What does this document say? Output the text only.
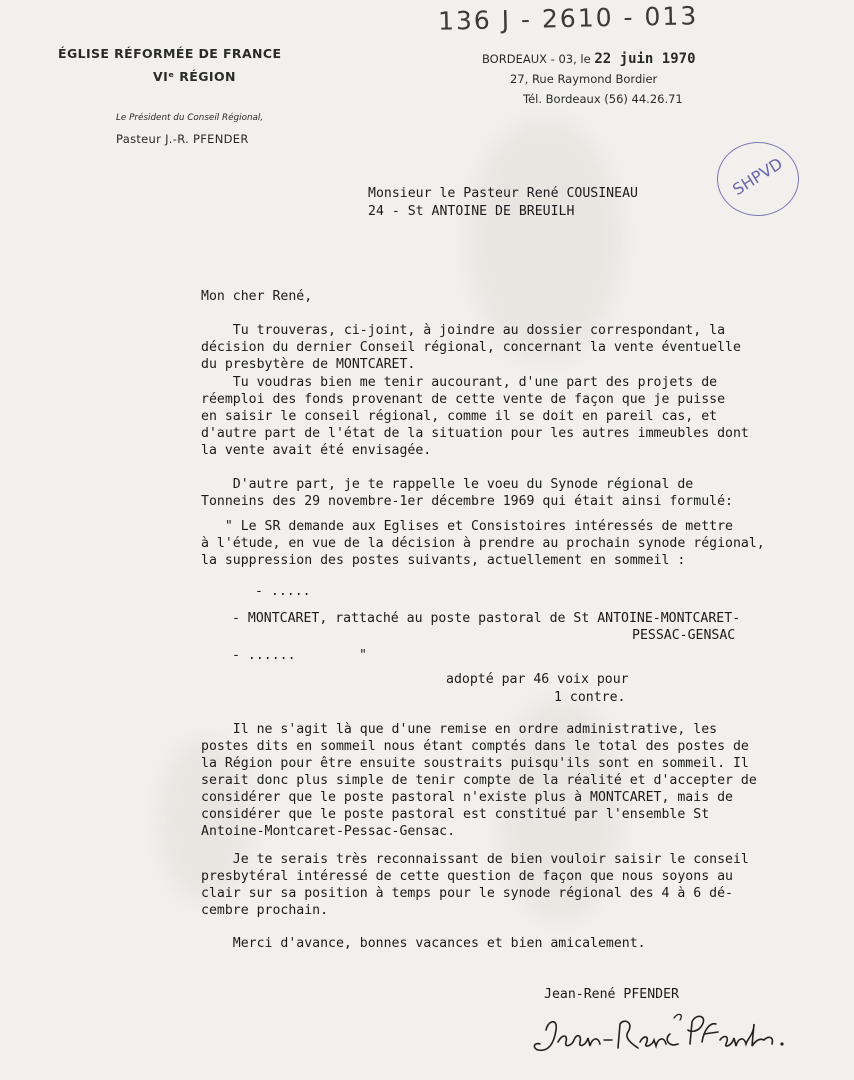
136 J - 2610 - 013
ÉGLISE RÉFORMÉE DE FRANCE
VIᵉ RÉGION
Le Président du Conseil Régional,
Pasteur J.-R. PFENDER
BORDEAUX - 03, le 22 juin 1970
27, Rue Raymond Bordier
Tél. Bordeaux (56) 44.26.71
SHPVD
Monsieur le Pasteur René COUSINEAU
24 - St ANTOINE DE BREUILH
Mon cher René,
Tu trouveras, ci-joint, à joindre au dossier correspondant, la
décision du dernier Conseil régional, concernant la vente éventuelle
du presbytère de MONTCARET.
Tu voudras bien me tenir aucourant, d'une part des projets de
réemploi des fonds provenant de cette vente de façon que je puisse
en saisir le conseil régional, comme il se doit en pareil cas, et
d'autre part de l'état de la situation pour les autres immeubles dont
la vente avait été envisagée.
D'autre part, je te rappelle le voeu du Synode régional de
Tonneins des 29 novembre-1er décembre 1969 qui était ainsi formulé:
" Le SR demande aux Eglises et Consistoires intéressés de mettre
à l'étude, en vue de la décision à prendre au prochain synode régional,
la suppression des postes suivants, actuellement en sommeil :
- .....
- MONTCARET, rattaché au poste pastoral de St ANTOINE-MONTCARET-
PESSAC-GENSAC
- ......        "
adopté par 46 voix pour
1 contre.
Il ne s'agit là que d'une remise en ordre administrative, les
postes dits en sommeil nous étant comptés dans le total des postes de
la Région pour être ensuite soustraits puisqu'ils sont en sommeil. Il
serait donc plus simple de tenir compte de la réalité et d'accepter de
considérer que le poste pastoral n'existe plus à MONTCARET, mais de
considérer que le poste pastoral est constitué par l'ensemble St
Antoine-Montcaret-Pessac-Gensac.
Je te serais très reconnaissant de bien vouloir saisir le conseil
presbytéral intéressé de cette question de façon que nous soyons au
clair sur sa position à temps pour le synode régional des 4 à 6 dé-
cembre prochain.
Merci d'avance, bonnes vacances et bien amicalement.
Jean-René PFENDER
